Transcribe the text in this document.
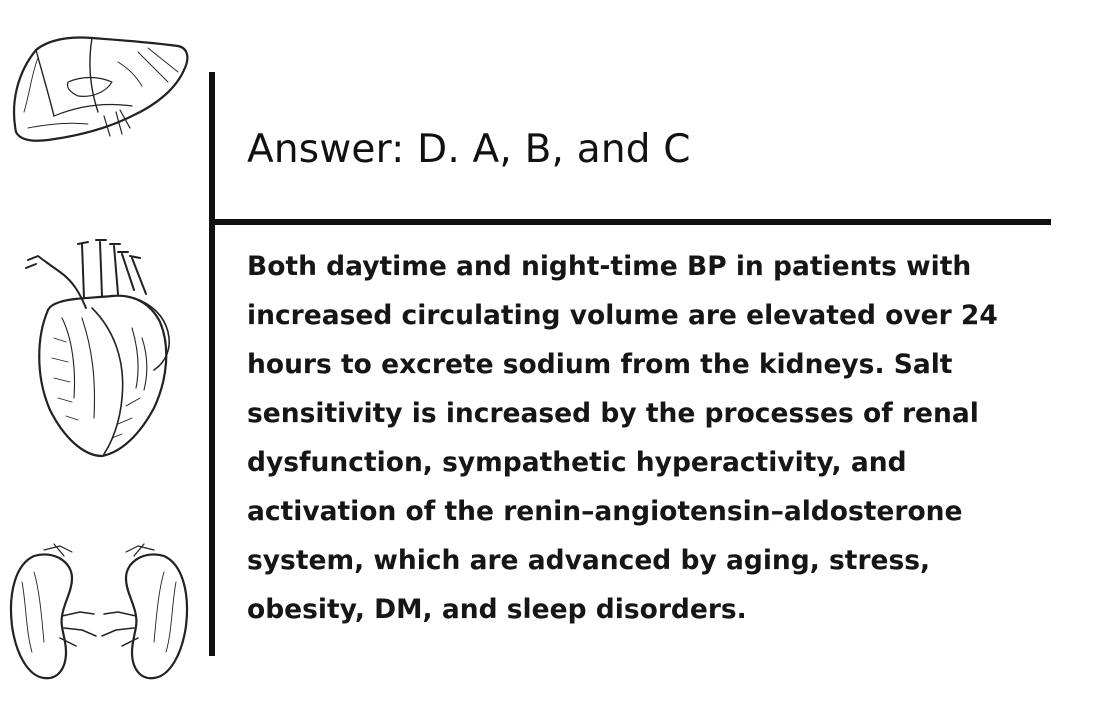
Answer: D. A, B, and C

Both daytime and night-time BP in patients with
increased circulating volume are elevated over 24
hours to excrete sodium from the kidneys. Salt
sensitivity is increased by the processes of renal
dysfunction, sympathetic hyperactivity, and
activation of the renin–angiotensin–aldosterone
system, which are advanced by aging, stress,
obesity, DM, and sleep disorders.
